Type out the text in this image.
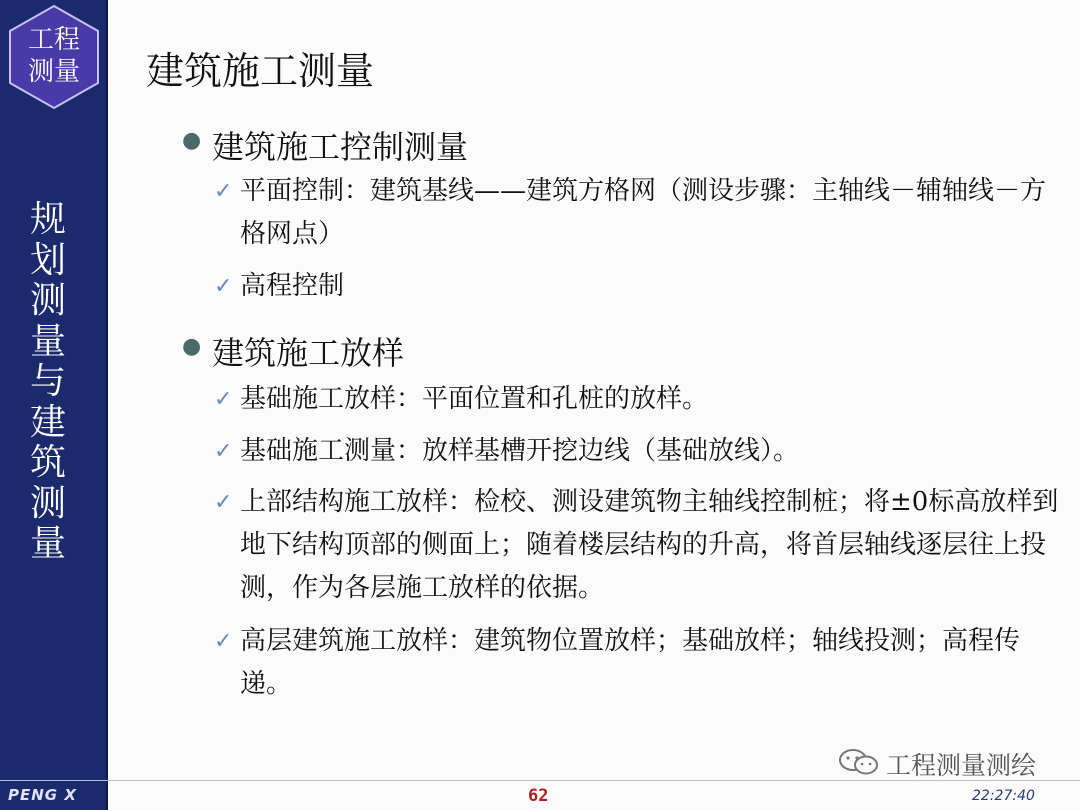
工程
测量
规
划
测
量
与
建
筑
测
量
PENG X
建筑施工测量
● 建筑施工控制测量
✓ 平面控制：建筑基线——建筑方格网（测设步骤：主轴线－辅轴线－方格网点）
✓ 高程控制
● 建筑施工放样
✓ 基础施工放样：平面位置和孔桩的放样。
✓ 基础施工测量：放样基槽开挖边线（基础放线）。
✓ 上部结构施工放样：检校、测设建筑物主轴线控制桩；将±0标高放样到地下结构顶部的侧面上；随着楼层结构的升高，将首层轴线逐层往上投测，作为各层施工放样的依据。
✓ 高层建筑施工放样：建筑物位置放样；基础放样；轴线投测；高程传递。
工程测量测绘
62	22:27:40
